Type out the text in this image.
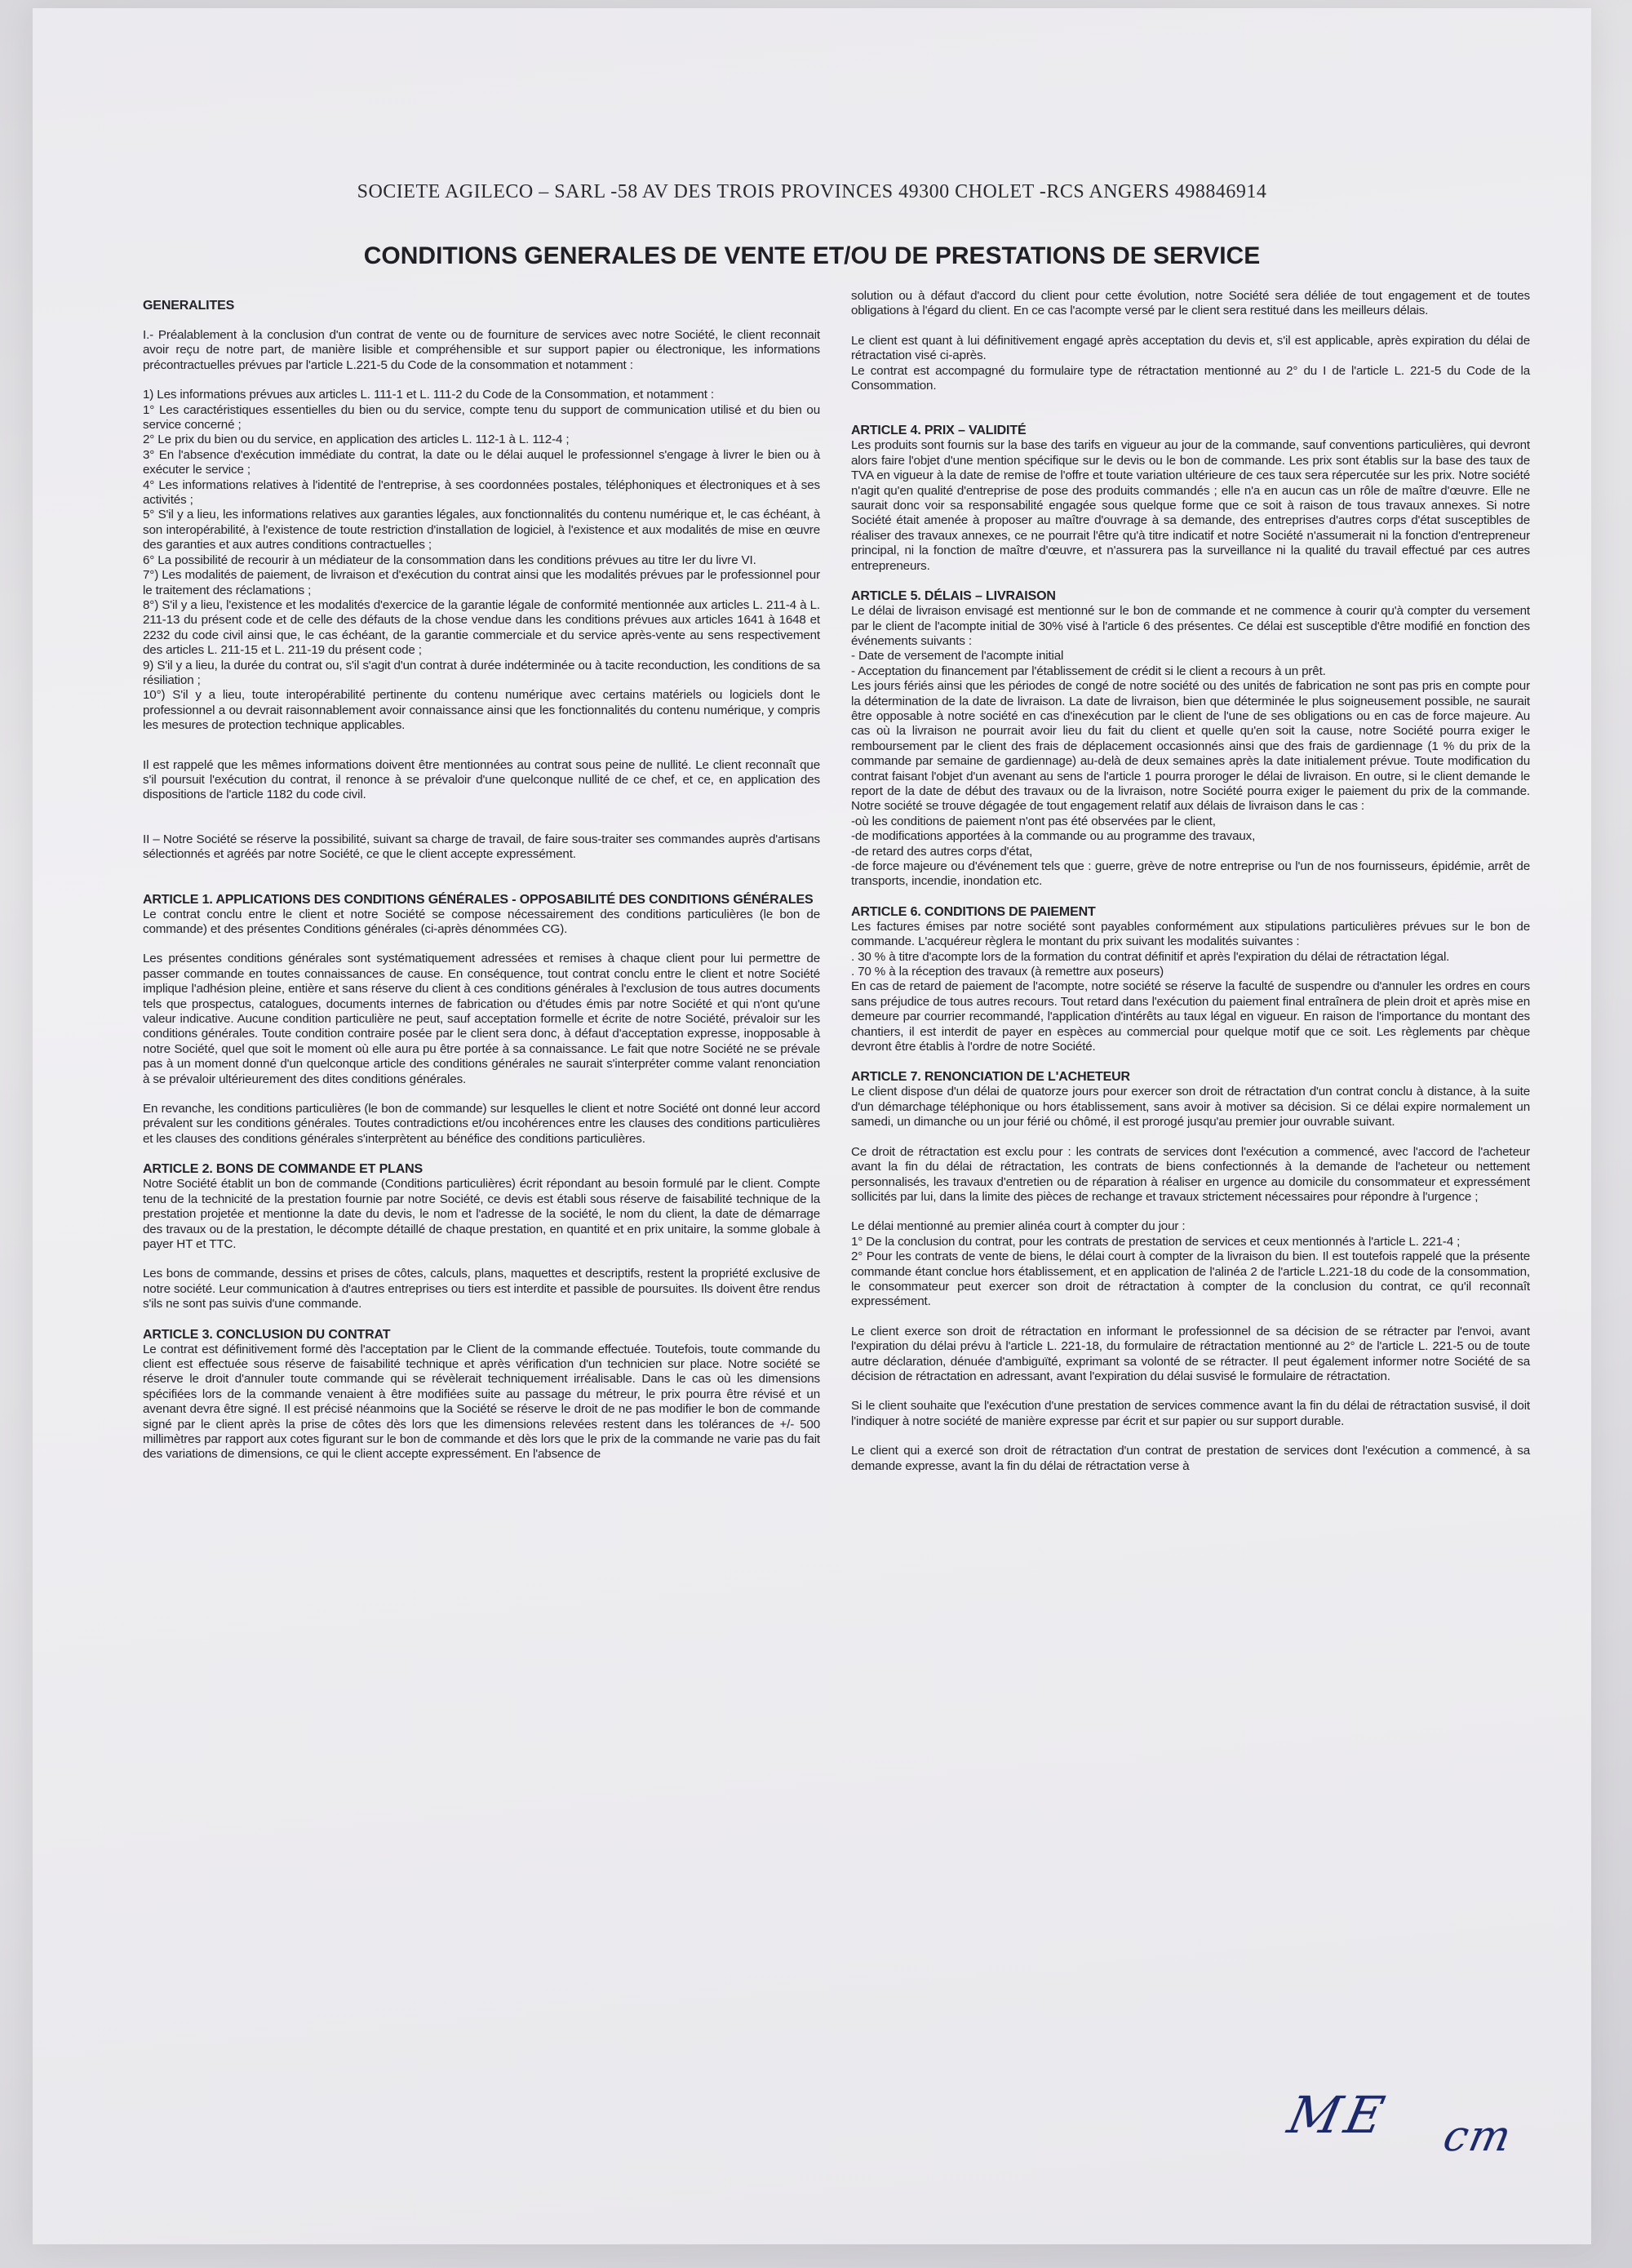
SOCIETE AGILECO – SARL -58 AV DES TROIS PROVINCES 49300 CHOLET -RCS ANGERS 498846914
CONDITIONS GENERALES DE VENTE ET/OU DE PRESTATIONS DE SERVICE
GENERALITES

I.- Préalablement à la conclusion d'un contrat de vente ou de fourniture de services avec notre Société, le client reconnait avoir reçu de notre part, de manière lisible et compréhensible et sur support papier ou électronique, les informations précontractuelles prévues par l'article L.221-5 du Code de la consommation et notamment :

1) Les informations prévues aux articles L. 111-1 et L. 111-2 du Code de la Consommation, et notamment :

1° Les caractéristiques essentielles du bien ou du service, compte tenu du support de communication utilisé et du bien ou service concerné ;

2° Le prix du bien ou du service, en application des articles L. 112-1 à L. 112-4 ;

3° En l'absence d'exécution immédiate du contrat, la date ou le délai auquel le professionnel s'engage à livrer le bien ou à exécuter le service ;

4° Les informations relatives à l'identité de l'entreprise, à ses coordonnées postales, téléphoniques et électroniques et à ses activités ;

5° S'il y a lieu, les informations relatives aux garanties légales, aux fonctionnalités du contenu numérique et, le cas échéant, à son interopérabilité, à l'existence de toute restriction d'installation de logiciel, à l'existence et aux modalités de mise en œuvre des garanties et aux autres conditions contractuelles ;

6° La possibilité de recourir à un médiateur de la consommation dans les conditions prévues au titre Ier du livre VI.

7°) Les modalités de paiement, de livraison et d'exécution du contrat ainsi que les modalités prévues par le professionnel pour le traitement des réclamations ;

8°) S'il y a lieu, l'existence et les modalités d'exercice de la garantie légale de conformité mentionnée aux articles L. 211-4 à L. 211-13 du présent code et de celle des défauts de la chose vendue dans les conditions prévues aux articles 1641 à 1648 et 2232 du code civil ainsi que, le cas échéant, de la garantie commerciale et du service après-vente au sens respectivement des articles L. 211-15 et L. 211-19 du présent code ;

9) S'il y a lieu, la durée du contrat ou, s'il s'agit d'un contrat à durée indéterminée ou à tacite reconduction, les conditions de sa résiliation ;

10°) S'il y a lieu, toute interopérabilité pertinente du contenu numérique avec certains matériels ou logiciels dont le professionnel a ou devrait raisonnablement avoir connaissance ainsi que les fonctionnalités du contenu numérique, y compris les mesures de protection technique applicables.

Il est rappelé que les mêmes informations doivent être mentionnées au contrat sous peine de nullité. Le client reconnaît que s'il poursuit l'exécution du contrat, il renonce à se prévaloir d'une quelconque nullité de ce chef, et ce, en application des dispositions de l'article 1182 du code civil.

II – Notre Société se réserve la possibilité, suivant sa charge de travail, de faire sous-traiter ses commandes auprès d'artisans sélectionnés et agréés par notre Société, ce que le client accepte expressément.

ARTICLE 1. APPLICATIONS DES CONDITIONS GÉNÉRALES - OPPOSABILITÉ DES CONDITIONS GÉNÉRALES

Le contrat conclu entre le client et notre Société se compose nécessairement des conditions particulières (le bon de commande) et des présentes Conditions générales (ci-après dénommées CG).

Les présentes conditions générales sont systématiquement adressées et remises à chaque client pour lui permettre de passer commande en toutes connaissances de cause. En conséquence, tout contrat conclu entre le client et notre Société implique l'adhésion pleine, entière et sans réserve du client à ces conditions générales à l'exclusion de tous autres documents tels que prospectus, catalogues, documents internes de fabrication ou d'études émis par notre Société et qui n'ont qu'une valeur indicative. Aucune condition particulière ne peut, sauf acceptation formelle et écrite de notre Société, prévaloir sur les conditions générales. Toute condition contraire posée par le client sera donc, à défaut d'acceptation expresse, inopposable à notre Société, quel que soit le moment où elle aura pu être portée à sa connaissance. Le fait que notre Société ne se prévale pas à un moment donné d'un quelconque article des conditions générales ne saurait s'interpréter comme valant renonciation à se prévaloir ultérieurement des dites conditions générales.

En revanche, les conditions particulières (le bon de commande) sur lesquelles le client et notre Société ont donné leur accord prévalent sur les conditions générales. Toutes contradictions et/ou incohérences entre les clauses des conditions particulières et les clauses des conditions générales s'interprètent au bénéfice des conditions particulières.

ARTICLE 2. BONS DE COMMANDE ET PLANS

Notre Société établit un bon de commande (Conditions particulières) écrit répondant au besoin formulé par le client. Compte tenu de la technicité de la prestation fournie par notre Société, ce devis est établi sous réserve de faisabilité technique de la prestation projetée et mentionne la date du devis, le nom et l'adresse de la société, le nom du client, la date de démarrage des travaux ou de la prestation, le décompte détaillé de chaque prestation, en quantité et en prix unitaire, la somme globale à payer HT et TTC.

Les bons de commande, dessins et prises de côtes, calculs, plans, maquettes et descriptifs, restent la propriété exclusive de notre société. Leur communication à d'autres entreprises ou tiers est interdite et passible de poursuites. Ils doivent être rendus s'ils ne sont pas suivis d'une commande.

ARTICLE 3. CONCLUSION DU CONTRAT

Le contrat est définitivement formé dès l'acceptation par le Client de la commande effectuée. Toutefois, toute commande du client est effectuée sous réserve de faisabilité technique et après vérification d'un technicien sur place. Notre société se réserve le droit d'annuler toute commande qui se révèlerait techniquement irréalisable. Dans le cas où les dimensions spécifiées lors de la commande venaient à être modifiées suite au passage du métreur, le prix pourra être révisé et un avenant devra être signé. Il est précisé néanmoins que la Société se réserve le droit de ne pas modifier le bon de commande signé par le client après la prise de côtes dès lors que les dimensions relevées restent dans les tolérances de +/- 500 millimètres par rapport aux cotes figurant sur le bon de commande et dès lors que le prix de la commande ne varie pas du fait des variations de dimensions, ce qui le client accepte expressément. En l'absence de

solution ou à défaut d'accord du client pour cette évolution, notre Société sera déliée de tout engagement et de toutes obligations à l'égard du client. En ce cas l'acompte versé par le client sera restitué dans les meilleurs délais.

Le client est quant à lui définitivement engagé après acceptation du devis et, s'il est applicable, après expiration du délai de rétractation visé ci-après.

Le contrat est accompagné du formulaire type de rétractation mentionné au 2° du I de l'article L. 221-5 du Code de la Consommation.

ARTICLE 4. PRIX – VALIDITÉ

Les produits sont fournis sur la base des tarifs en vigueur au jour de la commande, sauf conventions particulières, qui devront alors faire l'objet d'une mention spécifique sur le devis ou le bon de commande. Les prix sont établis sur la base des taux de TVA en vigueur à la date de remise de l'offre et toute variation ultérieure de ces taux sera répercutée sur les prix. Notre société n'agit qu'en qualité d'entreprise de pose des produits commandés ; elle n'a en aucun cas un rôle de maître d'œuvre. Elle ne saurait donc voir sa responsabilité engagée sous quelque forme que ce soit à raison de tous travaux annexes. Si notre Société était amenée à proposer au maître d'ouvrage à sa demande, des entreprises d'autres corps d'état susceptibles de réaliser des travaux annexes, ce ne pourrait l'être qu'à titre indicatif et notre Société n'assumerait ni la fonction d'entrepreneur principal, ni la fonction de maître d'œuvre, et n'assurera pas la surveillance ni la qualité du travail effectué par ces autres entrepreneurs.

ARTICLE 5. DÉLAIS – LIVRAISON

Le délai de livraison envisagé est mentionné sur le bon de commande et ne commence à courir qu'à compter du versement par le client de l'acompte initial de 30% visé à l'article 6 des présentes. Ce délai est susceptible d'être modifié en fonction des événements suivants :

- Date de versement de l'acompte initial

- Acceptation du financement par l'établissement de crédit si le client a recours à un prêt.

Les jours fériés ainsi que les périodes de congé de notre société ou des unités de fabrication ne sont pas pris en compte pour la détermination de la date de livraison. La date de livraison, bien que déterminée le plus soigneusement possible, ne saurait être opposable à notre société en cas d'inexécution par le client de l'une de ses obligations ou en cas de force majeure. Au cas où la livraison ne pourrait avoir lieu du fait du client et quelle qu'en soit la cause, notre Société pourra exiger le remboursement par le client des frais de déplacement occasionnés ainsi que des frais de gardiennage (1 % du prix de la commande par semaine de gardiennage) au-delà de deux semaines après la date initialement prévue. Toute modification du contrat faisant l'objet d'un avenant au sens de l'article 1 pourra proroger le délai de livraison. En outre, si le client demande le report de la date de début des travaux ou de la livraison, notre Société pourra exiger le paiement du prix de la commande. Notre société se trouve dégagée de tout engagement relatif aux délais de livraison dans le cas :

-où les conditions de paiement n'ont pas été observées par le client,

-de modifications apportées à la commande ou au programme des travaux,

-de retard des autres corps d'état,

-de force majeure ou d'événement tels que : guerre, grève de notre entreprise ou l'un de nos fournisseurs, épidémie, arrêt de transports, incendie, inondation etc.

ARTICLE 6. CONDITIONS DE PAIEMENT

Les factures émises par notre société sont payables conformément aux stipulations particulières prévues sur le bon de commande. L'acquéreur règlera le montant du prix suivant les modalités suivantes :

. 30 % à titre d'acompte lors de la formation du contrat définitif et après l'expiration du délai de rétractation légal.

. 70 % à la réception des travaux (à remettre aux poseurs)

En cas de retard de paiement de l'acompte, notre société se réserve la faculté de suspendre ou d'annuler les ordres en cours sans préjudice de tous autres recours. Tout retard dans l'exécution du paiement final entraînera de plein droit et après mise en demeure par courrier recommandé, l'application d'intérêts au taux légal en vigueur. En raison de l'importance du montant des chantiers, il est interdit de payer en espèces au commercial pour quelque motif que ce soit. Les règlements par chèque devront être établis à l'ordre de notre Société.

ARTICLE 7. RENONCIATION DE L'ACHETEUR

Le client dispose d'un délai de quatorze jours pour exercer son droit de rétractation d'un contrat conclu à distance, à la suite d'un démarchage téléphonique ou hors établissement, sans avoir à motiver sa décision. Si ce délai expire normalement un samedi, un dimanche ou un jour férié ou chômé, il est prorogé jusqu'au premier jour ouvrable suivant.

Ce droit de rétractation est exclu pour : les contrats de services dont l'exécution a commencé, avec l'accord de l'acheteur avant la fin du délai de rétractation, les contrats de biens confectionnés à la demande de l'acheteur ou nettement personnalisés, les travaux d'entretien ou de réparation à réaliser en urgence au domicile du consommateur et expressément sollicités par lui, dans la limite des pièces de rechange et travaux strictement nécessaires pour répondre à l'urgence ;

Le délai mentionné au premier alinéa court à compter du jour :

1° De la conclusion du contrat, pour les contrats de prestation de services et ceux mentionnés à l'article L. 221-4 ;

2° Pour les contrats de vente de biens, le délai court à compter de la livraison du bien. Il est toutefois rappelé que la présente commande étant conclue hors établissement, et en application de l'alinéa 2 de l'article L.221-18 du code de la consommation, le consommateur peut exercer son droit de rétractation à compter de la conclusion du contrat, ce qu'il reconnaît expressément.

Le client exerce son droit de rétractation en informant le professionnel de sa décision de se rétracter par l'envoi, avant l'expiration du délai prévu à l'article L. 221-18, du formulaire de rétractation mentionné au 2° de l'article L. 221-5 ou de toute autre déclaration, dénuée d'ambiguïté, exprimant sa volonté de se rétracter. Il peut également informer notre Société de sa décision de rétractation en adressant, avant l'expiration du délai susvisé le formulaire de rétractation.

Si le client souhaite que l'exécution d'une prestation de services commence avant la fin du délai de rétractation susvisé, il doit l'indiquer à notre société de manière expresse par écrit et sur papier ou sur support durable.

Le client qui a exercé son droit de rétractation d'un contrat de prestation de services dont l'exécution a commencé, à sa demande expresse, avant la fin du délai de rétractation verse à

ME cm
